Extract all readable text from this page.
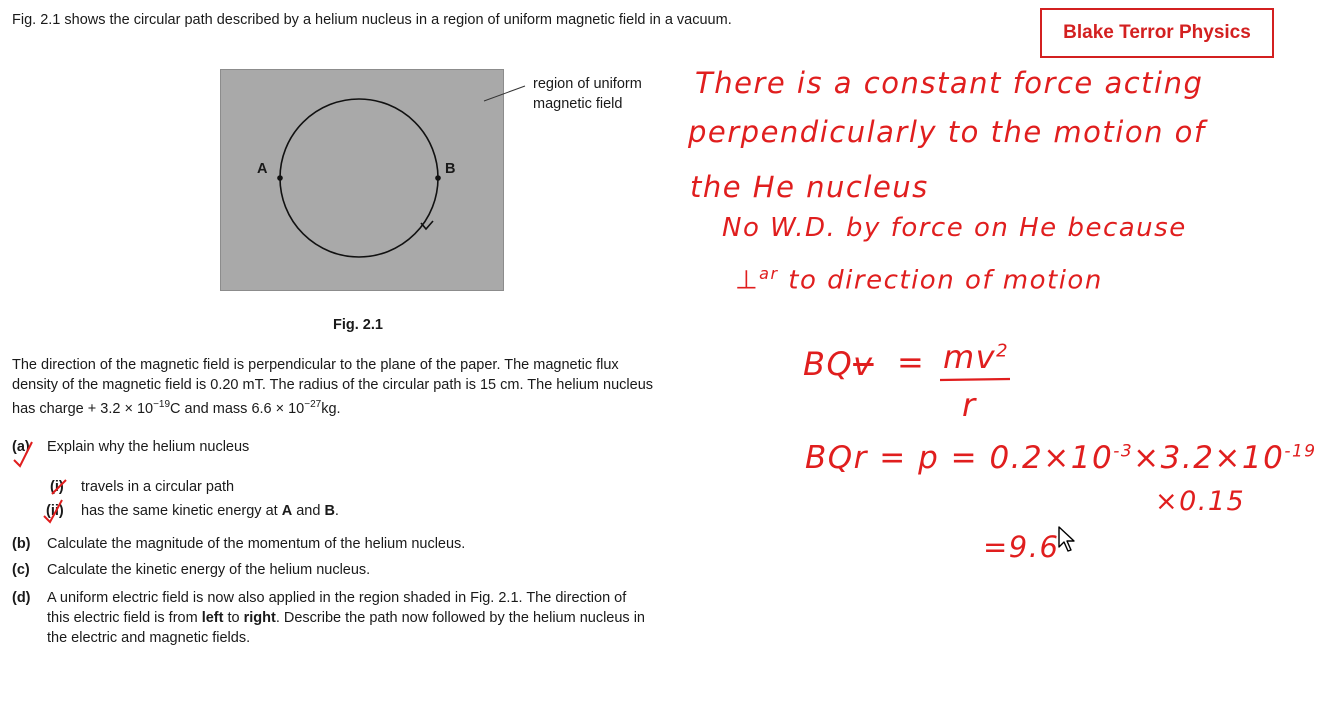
Blake Terror Physics
Fig. 2.1 shows the circular path described by a helium nucleus in a region of uniform magnetic field in a vacuum.
A	B
region of uniform
magnetic field
Fig. 2.1
The direction of the magnetic field is perpendicular to the plane of the paper. The magnetic flux
density of the magnetic field is 0.20 mT. The radius of the circular path is 15 cm. The helium nucleus
has charge + $3.2 \times 10^{-19}C$ and mass $6.6 \times 10^{-27}kg$.
(a) Explain why the helium nucleus
(i) travels in a circular path
(ii) has the same kinetic energy at A and B.
(b) Calculate the magnitude of the momentum of the helium nucleus.
(c) Calculate the kinetic energy of the helium nucleus.
(d) A uniform electric field is now also applied in the region shaded in Fig. 2.1. The direction of
this electric field is from left to right. Describe the path now followed by the helium nucleus in
the electric and magnetic fields.
There is a constant force acting
perpendicularly to the motion of
the He nucleus
No W.D. by force on He because
⊥$^{ar}$ to direction of motion
BQv = $mv^2$
r
BQr = $p = 0.2\times 10^{-3}\times 3.2\times 10^{-19}$
×0.15
=9.6
